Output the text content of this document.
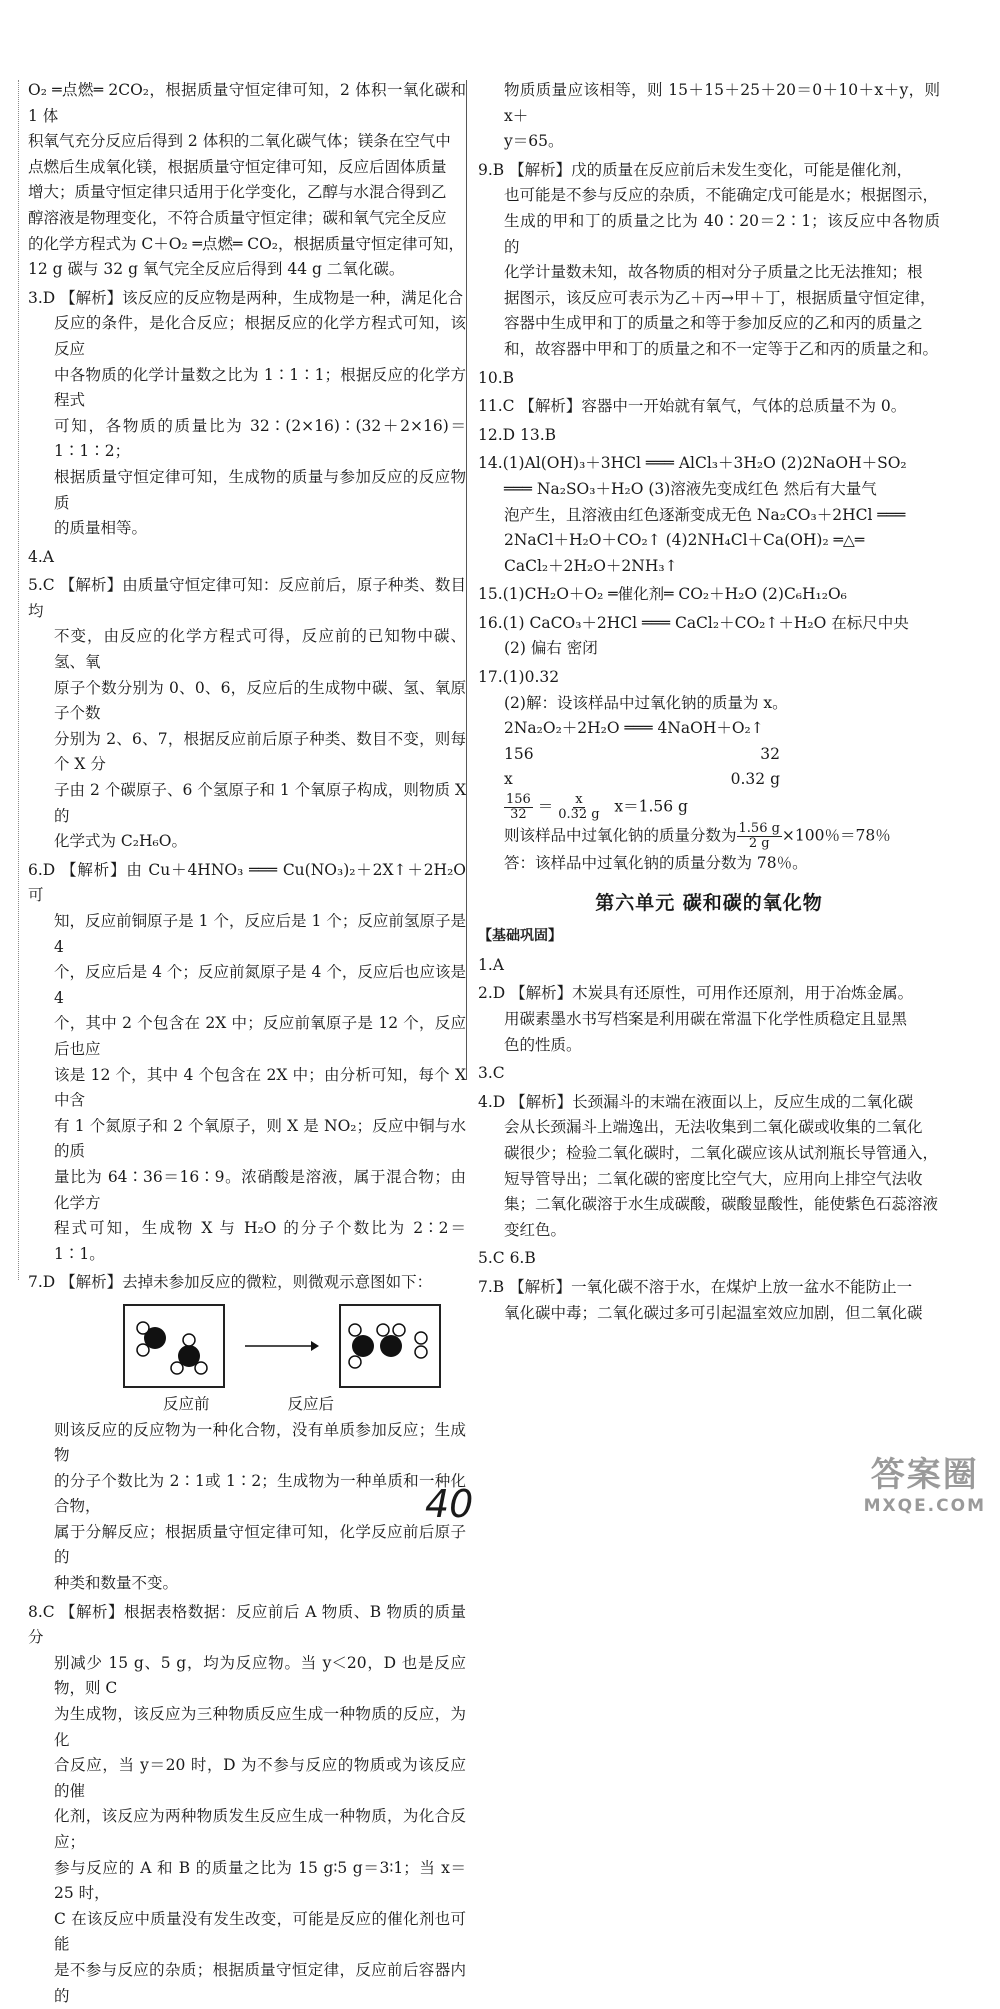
O₂ ═点燃═ 2CO₂，根据质量守恒定律可知，2 体积一氧化碳和 1 体

积氧气充分反应后得到 2 体积的二氧化碳气体；镁条在空气中

点燃后生成氧化镁，根据质量守恒定律可知，反应后固体质量

增大；质量守恒定律只适用于化学变化，乙醇与水混合得到乙

醇溶液是物理变化，不符合质量守恒定律；碳和氧气完全反应

的化学方程式为 C＋O₂ ═点燃═ CO₂，根据质量守恒定律可知，

12 g 碳与 32 g 氧气完全反应后得到 44 g 二氧化碳。

3.D 【解析】该反应的反应物是两种，生成物是一种，满足化合

反应的条件，是化合反应；根据反应的化学方程式可知，该反应

中各物质的化学计量数之比为 1∶1∶1；根据反应的化学方程式

可知，各物质的质量比为 32∶(2×16)∶(32＋2×16)＝1∶1∶2；

根据质量守恒定律可知，生成物的质量与参加反应的反应物质

的质量相等。

4.A

5.C 【解析】由质量守恒定律可知：反应前后，原子种类、数目均

不变，由反应的化学方程式可得，反应前的已知物中碳、氢、氧

原子个数分别为 0、0、6，反应后的生成物中碳、氢、氧原子个数

分别为 2、6、7，根据反应前后原子种类、数目不变，则每个 X 分

子由 2 个碳原子、6 个氢原子和 1 个氧原子构成，则物质 X 的

化学式为 C₂H₆O。

6.D 【解析】由 Cu＋4HNO₃ ═══ Cu(NO₃)₂＋2X↑＋2H₂O 可

知，反应前铜原子是 1 个，反应后是 1 个；反应前氢原子是 4

个，反应后是 4 个；反应前氮原子是 4 个，反应后也应该是 4

个，其中 2 个包含在 2X 中；反应前氧原子是 12 个，反应后也应

该是 12 个，其中 4 个包含在 2X 中；由分析可知，每个 X 中含

有 1 个氮原子和 2 个氧原子，则 X 是 NO₂；反应中铜与水的质

量比为 64∶36＝16∶9。浓硝酸是溶液，属于混合物；由化学方

程式可知，生成物 X 与 H₂O 的分子个数比为 2∶2＝1∶1。

7.D 【解析】去掉未参加反应的微粒，则微观示意图如下：

反应前	反应后

则该反应的反应物为一种化合物，没有单质参加反应；生成物

的分子个数比为 2∶1或 1∶2；生成物为一种单质和一种化合物，

属于分解反应；根据质量守恒定律可知，化学反应前后原子的

种类和数量不变。

8.C 【解析】根据表格数据：反应前后 A 物质、B 物质的质量分

别减少 15 g、5 g，均为反应物。当 y＜20，D 也是反应物，则 C

为生成物，该反应为三种物质反应生成一种物质的反应，为化

合反应，当 y＝20 时，D 为不参与反应的物质或为该反应的催

化剂，该反应为两种物质发生反应生成一种物质，为化合反应；

参与反应的 A 和 B 的质量之比为 15 g∶5 g＝3∶1；当 x＝25 时，

C 在该反应中质量没有发生改变，可能是反应的催化剂也可能

是不参与反应的杂质；根据质量守恒定律，反应前后容器内的

物质质量应该相等，则 15＋15＋25＋20＝0＋10＋x＋y，则 x＋

y＝65。

9.B 【解析】戊的质量在反应前后未发生变化，可能是催化剂，

也可能是不参与反应的杂质，不能确定戊可能是水；根据图示，

生成的甲和丁的质量之比为 40∶20＝2∶1；该反应中各物质的

化学计量数未知，故各物质的相对分子质量之比无法推知；根

据图示，该反应可表示为乙＋丙→甲＋丁，根据质量守恒定律，

容器中生成甲和丁的质量之和等于参加反应的乙和丙的质量之

和，故容器中甲和丁的质量之和不一定等于乙和丙的质量之和。

10.B

11.C 【解析】容器中一开始就有氧气，气体的总质量不为 0。

12.D 13.B

14.(1)Al(OH)₃＋3HCl ═══ AlCl₃＋3H₂O (2)2NaOH＋SO₂

═══ Na₂SO₃＋H₂O (3)溶液先变成红色 然后有大量气

泡产生，且溶液由红色逐渐变成无色 Na₂CO₃＋2HCl ═══

2NaCl＋H₂O＋CO₂↑ (4)2NH₄Cl＋Ca(OH)₂ ═△═

CaCl₂＋2H₂O＋2NH₃↑

15.(1)CH₂O＋O₂ ═催化剂═ CO₂＋H₂O (2)C₆H₁₂O₆

16.(1) CaCO₃＋2HCl ═══ CaCl₂＋CO₂↑＋H₂O 在标尺中央

(2) 偏右 密闭

17.(1)0.32

(2)解：设该样品中过氧化钠的质量为 x。

2Na₂O₂＋2H₂O ═══ 4NaOH＋O₂↑

156	32
x	0.32 g

$\frac{156}{32} = \frac{x}{0.32 g} x=1.56$ g

则该样品中过氧化钠的质量分数为 $\frac{1.56 g}{2 g} \times 100$％＝78％

答：该样品中过氧化钠的质量分数为 78％。

第六单元 碳和碳的氧化物

【基础巩固】

1.A

2.D 【解析】木炭具有还原性，可用作还原剂，用于冶炼金属。

用碳素墨水书写档案是利用碳在常温下化学性质稳定且显黑

色的性质。

3.C

4.D 【解析】长颈漏斗的末端在液面以上，反应生成的二氧化碳

会从长颈漏斗上端逸出，无法收集到二氧化碳或收集的二氧化

碳很少；检验二氧化碳时，二氧化碳应该从试剂瓶长导管通入，

短导管导出；二氧化碳的密度比空气大，应用向上排空气法收

集；二氧化碳溶于水生成碳酸，碳酸显酸性，能使紫色石蕊溶液

变红色。

5.C 6.B

7.B 【解析】一氧化碳不溶于水，在煤炉上放一盆水不能防止一

氧化碳中毒；二氧化碳过多可引起温室效应加剧，但二氧化碳

40
答案圈
MXQE.COM
